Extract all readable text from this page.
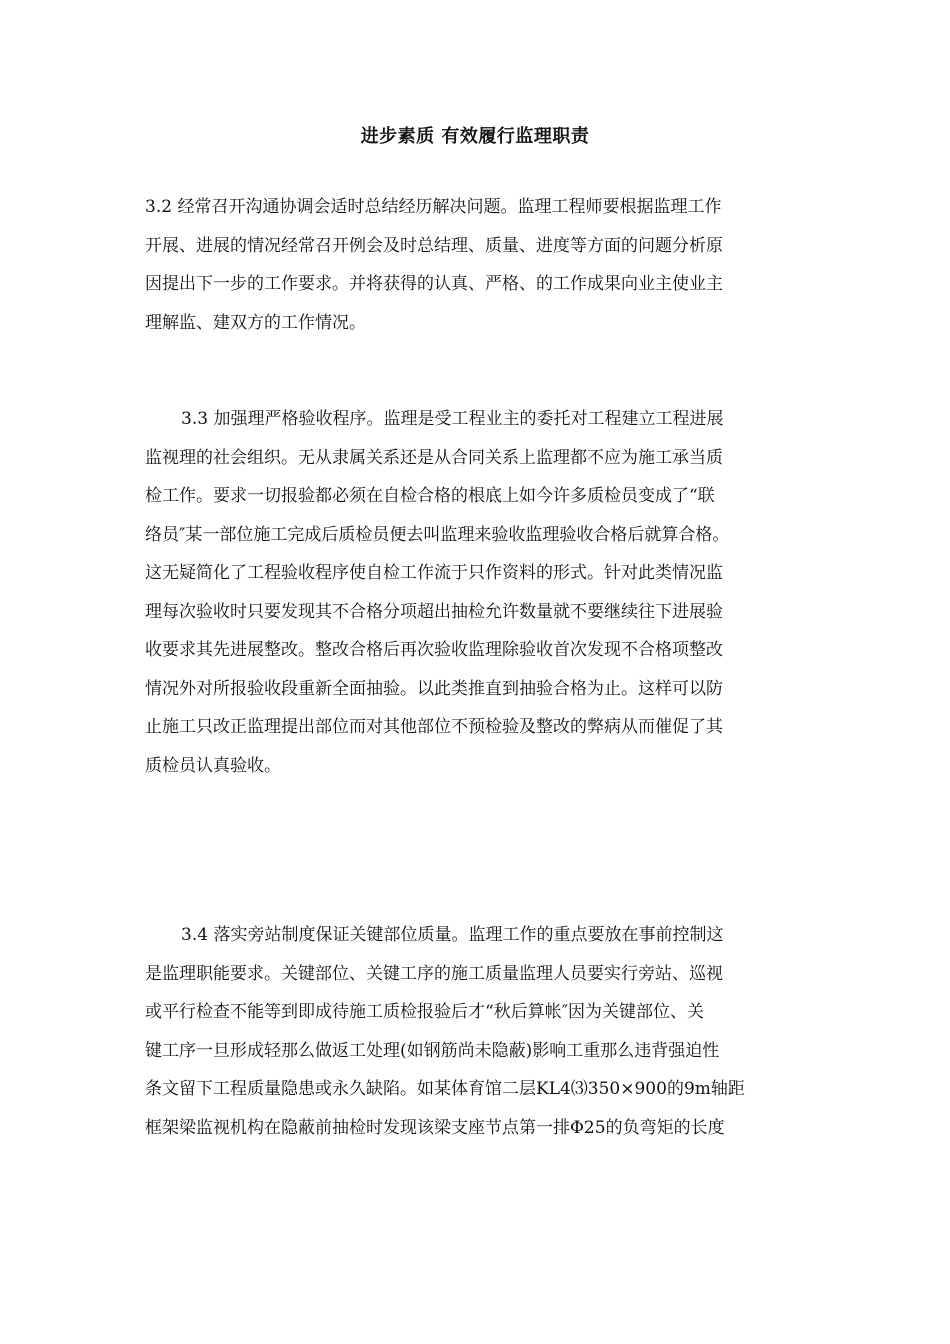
进步素质 有效履行监理职责
3.2 经常召开沟通协调会适时总结经历解决问题。监理工程师要根据监理工作
开展、进展的情况经常召开例会及时总结理、质量、进度等方面的问题分析原
因提出下一步的工作要求。并将获得的认真、严格、的工作成果向业主使业主
理解监、建双方的工作情况。
3.3 加强理严格验收程序。监理是受工程业主的委托对工程建立工程进展
监视理的社会组织。无从隶属关系还是从合同关系上监理都不应为施工承当质
检工作。要求一切报验都必须在自检合格的根底上如今许多质检员变成了“联
络员″某一部位施工完成后质检员便去叫监理来验收监理验收合格后就算合格。
这无疑简化了工程验收程序使自检工作流于只作资料的形式。针对此类情况监
理每次验收时只要发现其不合格分项超出抽检允许数量就不要继续往下进展验
收要求其先进展整改。整改合格后再次验收监理除验收首次发现不合格项整改
情况外对所报验收段重新全面抽验。以此类推直到抽验合格为止。这样可以防
止施工只改正监理提出部位而对其他部位不预检验及整改的弊病从而催促了其
质检员认真验收。
3.4 落实旁站制度保证关键部位质量。监理工作的重点要放在事前控制这
是监理职能要求。关键部位、关键工序的施工质量监理人员要实行旁站、巡视
或平行检查不能等到即成待施工质检报验后才“秋后算帐″因为关键部位、关
键工序一旦形成轻那么做返工处理(如钢筋尚未隐蔽)影响工重那么违背强迫性
条文留下工程质量隐患或永久缺陷。如某体育馆二层KL4⑶350×900的9m轴距
框架梁监视机构在隐蔽前抽检时发现该梁支座节点第一排Φ25的负弯矩的长度
